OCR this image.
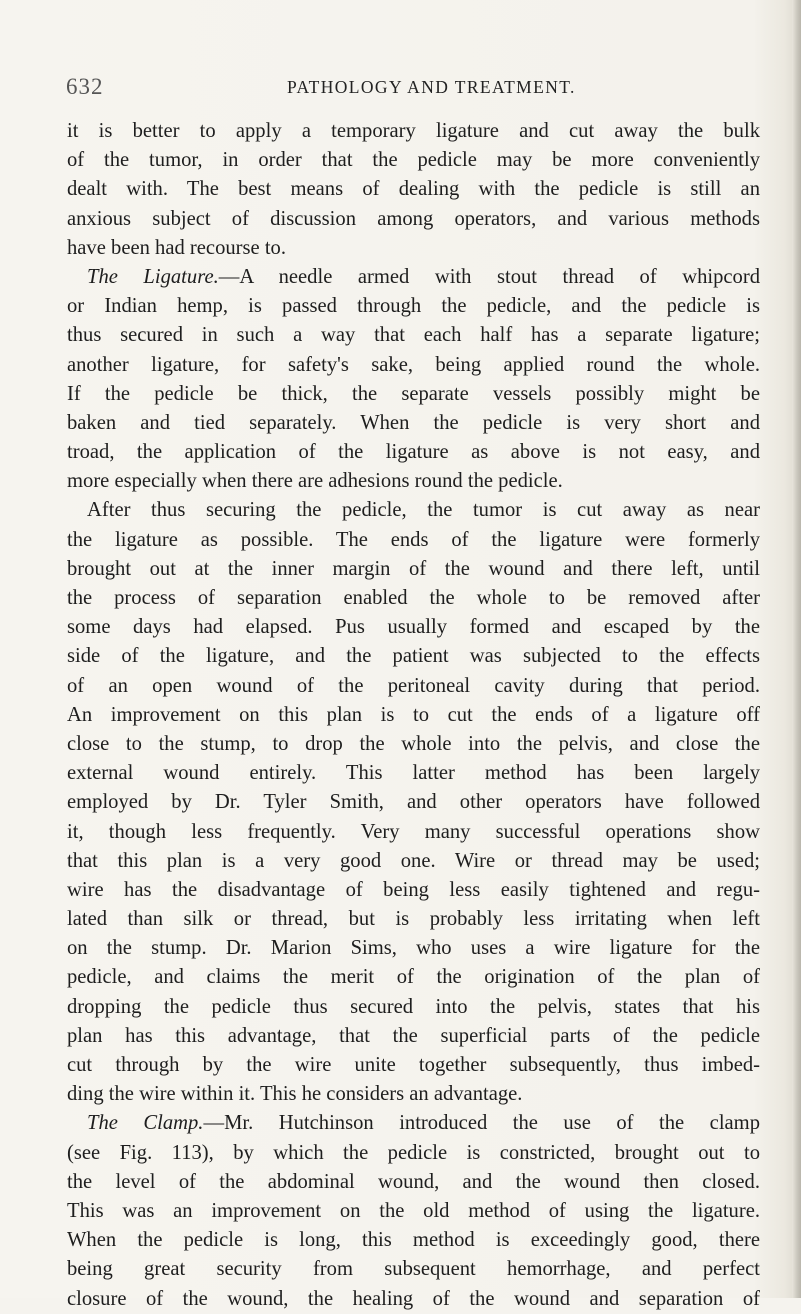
632	PATHOLOGY AND TREATMENT.
it is better to apply a temporary ligature and cut away the bulk
of the tumor, in order that the pedicle may be more conveniently
dealt with. The best means of dealing with the pedicle is still an
anxious subject of discussion among operators, and various methods
have been had recourse to.
The Ligature.—A needle armed with stout thread of whipcord
or Indian hemp, is passed through the pedicle, and the pedicle is
thus secured in such a way that each half has a separate ligature;
another ligature, for safety's sake, being applied round the whole.
If the pedicle be thick, the separate vessels possibly might be
baken and tied separately. When the pedicle is very short and
troad, the application of the ligature as above is not easy, and
more especially when there are adhesions round the pedicle.
After thus securing the pedicle, the tumor is cut away as near
the ligature as possible. The ends of the ligature were formerly
brought out at the inner margin of the wound and there left, until
the process of separation enabled the whole to be removed after
some days had elapsed. Pus usually formed and escaped by the
side of the ligature, and the patient was subjected to the effects
of an open wound of the peritoneal cavity during that period.
An improvement on this plan is to cut the ends of a ligature off
close to the stump, to drop the whole into the pelvis, and close the
external wound entirely. This latter method has been largely
employed by Dr. Tyler Smith, and other operators have followed
it, though less frequently. Very many successful operations show
that this plan is a very good one. Wire or thread may be used;
wire has the disadvantage of being less easily tightened and regu-
lated than silk or thread, but is probably less irritating when left
on the stump. Dr. Marion Sims, who uses a wire ligature for the
pedicle, and claims the merit of the origination of the plan of
dropping the pedicle thus secured into the pelvis, states that his
plan has this advantage, that the superficial parts of the pedicle
cut through by the wire unite together subsequently, thus imbed-
ding the wire within it. This he considers an advantage.
The Clamp.—Mr. Hutchinson introduced the use of the clamp
(see Fig. 113), by which the pedicle is constricted, brought out to
the level of the abdominal wound, and the wound then closed.
This was an improvement on the old method of using the ligature.
When the pedicle is long, this method is exceedingly good, there
being great security from subsequent hemorrhage, and perfect
closure of the wound, the healing of the wound and separation of
